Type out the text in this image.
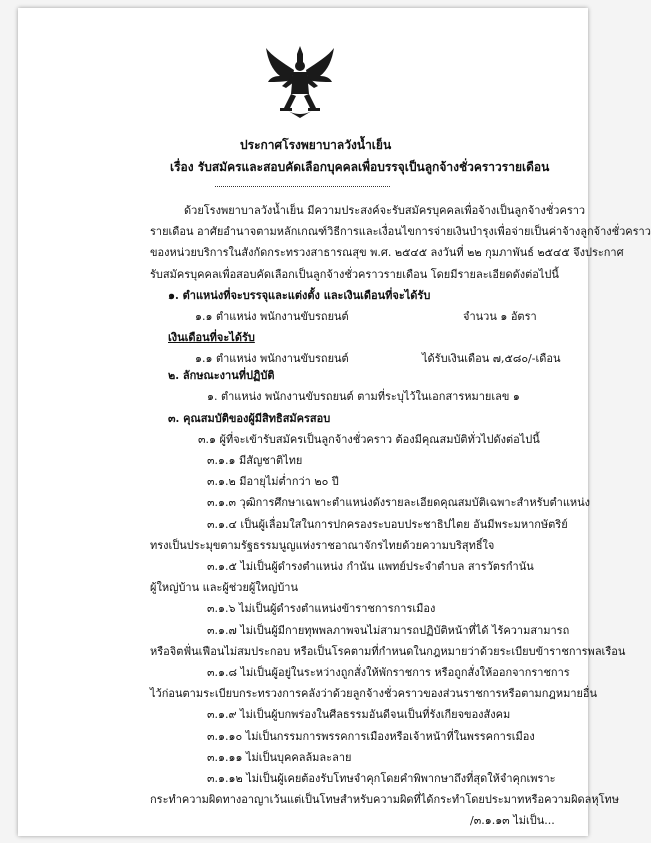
ประกาศโรงพยาบาลวังน้ำเย็น
เรื่อง รับสมัครและสอบคัดเลือกบุคคลเพื่อบรรจุเป็นลูกจ้างชั่วคราวรายเดือน
ด้วยโรงพยาบาลวังน้ำเย็น มีความประสงค์จะรับสมัครบุคคลเพื่อจ้างเป็นลูกจ้างชั่วคราว
รายเดือน อาศัยอำนาจตามหลักเกณฑ์วิธีการและเงื่อนไขการจ่ายเงินบำรุงเพื่อจ่ายเป็นค่าจ้างลูกจ้างชั่วคราว
ของหน่วยบริการในสังกัดกระทรวงสาธารณสุข พ.ศ. ๒๕๔๕ ลงวันที่ ๒๒ กุมภาพันธ์ ๒๕๔๕ จึงประกาศ
รับสมัครบุคคลเพื่อสอบคัดเลือกเป็นลูกจ้างชั่วคราวรายเดือน โดยมีรายละเอียดดังต่อไปนี้
๑. ตำแหน่งที่จะบรรจุและแต่งตั้ง และเงินเดือนที่จะได้รับ
๑.๑ ตำแหน่ง พนักงานขับรถยนต์	จำนวน ๑ อัตรา
เงินเดือนที่จะได้รับ
๑.๑ ตำแหน่ง พนักงานขับรถยนต์	ได้รับเงินเดือน ๗,๕๘๐/-เดือน
๒. ลักษณะงานที่ปฏิบัติ
๑. ตำแหน่ง พนักงานขับรถยนต์ ตามที่ระบุไว้ในเอกสารหมายเลข ๑
๓. คุณสมบัติของผู้มีสิทธิสมัครสอบ
๓.๑ ผู้ที่จะเข้ารับสมัครเป็นลูกจ้างชั่วคราว ต้องมีคุณสมบัติทั่วไปดังต่อไปนี้
๓.๑.๑ มีสัญชาติไทย
๓.๑.๒ มีอายุไม่ต่ำกว่า ๒๐ ปี
๓.๑.๓ วุฒิการศึกษาเฉพาะตำแหน่งดังรายละเอียดคุณสมบัติเฉพาะสำหรับตำแหน่ง
๓.๑.๔ เป็นผู้เลื่อมใสในการปกครองระบอบประชาธิปไตย อันมีพระมหากษัตริย์
ทรงเป็นประมุขตามรัฐธรรมนูญแห่งราชอาณาจักรไทยด้วยความบริสุทธิ์ใจ
๓.๑.๕ ไม่เป็นผู้ดำรงตำแหน่ง กำนัน แพทย์ประจำตำบล สารวัตรกำนัน
ผู้ใหญ่บ้าน และผู้ช่วยผู้ใหญ่บ้าน
๓.๑.๖ ไม่เป็นผู้ดำรงตำแหน่งข้าราชการการเมือง
๓.๑.๗ ไม่เป็นผู้มีกายทุพพลภาพจนไม่สามารถปฏิบัติหน้าที่ได้ ไร้ความสามารถ
หรือจิตฟั่นเฟือนไม่สมประกอบ หรือเป็นโรคตามที่กำหนดในกฎหมายว่าด้วยระเบียบข้าราชการพลเรือน
๓.๑.๘ ไม่เป็นผู้อยู่ในระหว่างถูกสั่งให้พักราชการ หรือถูกสั่งให้ออกจากราชการ
ไว้ก่อนตามระเบียบกระทรวงการคลังว่าด้วยลูกจ้างชั่วคราวของส่วนราชการหรือตามกฎหมายอื่น
๓.๑.๙ ไม่เป็นผู้บกพร่องในศีลธรรมอันดีจนเป็นที่รังเกียจของสังคม
๓.๑.๑๐ ไม่เป็นกรรมการพรรคการเมืองหรือเจ้าหน้าที่ในพรรคการเมือง
๓.๑.๑๑ ไม่เป็นบุคคลล้มละลาย
๓.๑.๑๒ ไม่เป็นผู้เคยต้องรับโทษจำคุกโดยคำพิพากษาถึงที่สุดให้จำคุกเพราะ
กระทำความผิดทางอาญาเว้นแต่เป็นโทษสำหรับความผิดที่ได้กระทำโดยประมาทหรือความผิดลหุโทษ
/๓.๑.๑๓ ไม่เป็น...
